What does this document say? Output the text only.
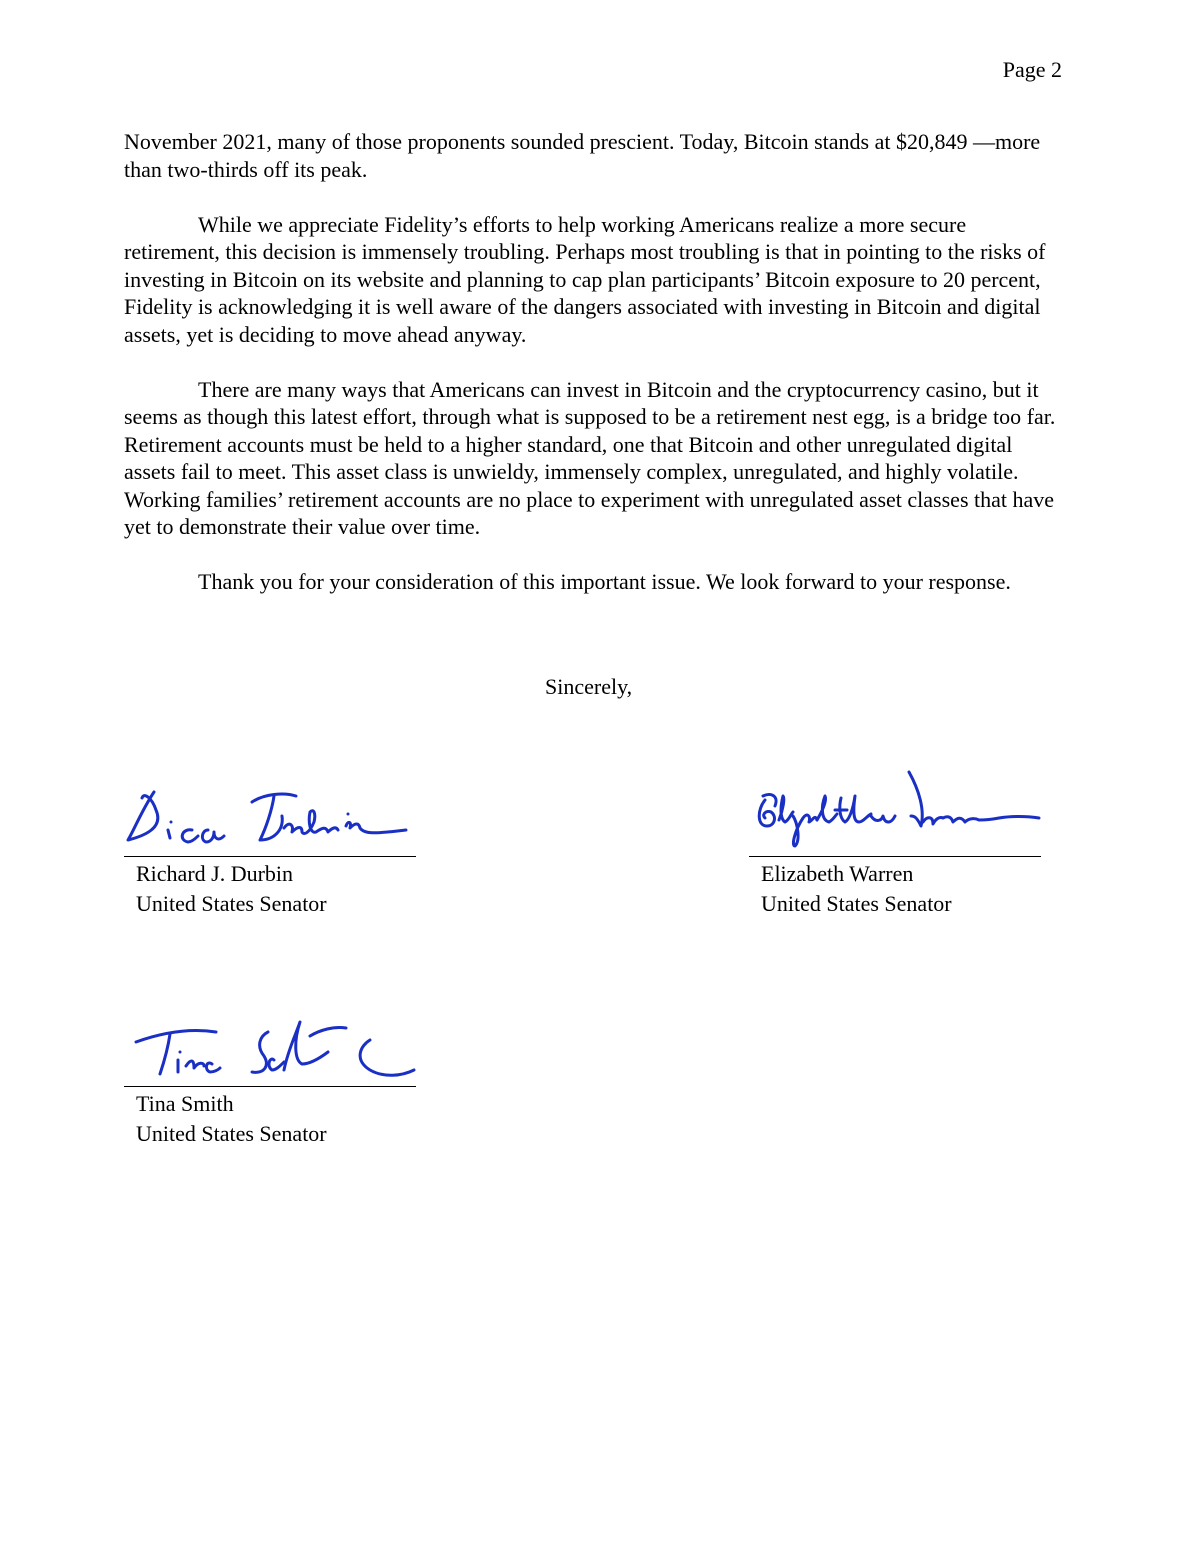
Page 2

November 2021, many of those proponents sounded prescient. Today, Bitcoin stands at $20,849 —more than two-thirds off its peak.

While we appreciate Fidelity’s efforts to help working Americans realize a more secure retirement, this decision is immensely troubling. Perhaps most troubling is that in pointing to the risks of investing in Bitcoin on its website and planning to cap plan participants’ Bitcoin exposure to 20 percent, Fidelity is acknowledging it is well aware of the dangers associated with investing in Bitcoin and digital assets, yet is deciding to move ahead anyway.

There are many ways that Americans can invest in Bitcoin and the cryptocurrency casino, but it seems as though this latest effort, through what is supposed to be a retirement nest egg, is a bridge too far. Retirement accounts must be held to a higher standard, one that Bitcoin and other unregulated digital assets fail to meet. This asset class is unwieldy, immensely complex, unregulated, and highly volatile. Working families’ retirement accounts are no place to experiment with unregulated asset classes that have yet to demonstrate their value over time.

Thank you for your consideration of this important issue. We look forward to your response.

Sincerely,
Richard J. Durbin
United States Senator
Elizabeth Warren
United States Senator
Tina Smith
United States Senator
